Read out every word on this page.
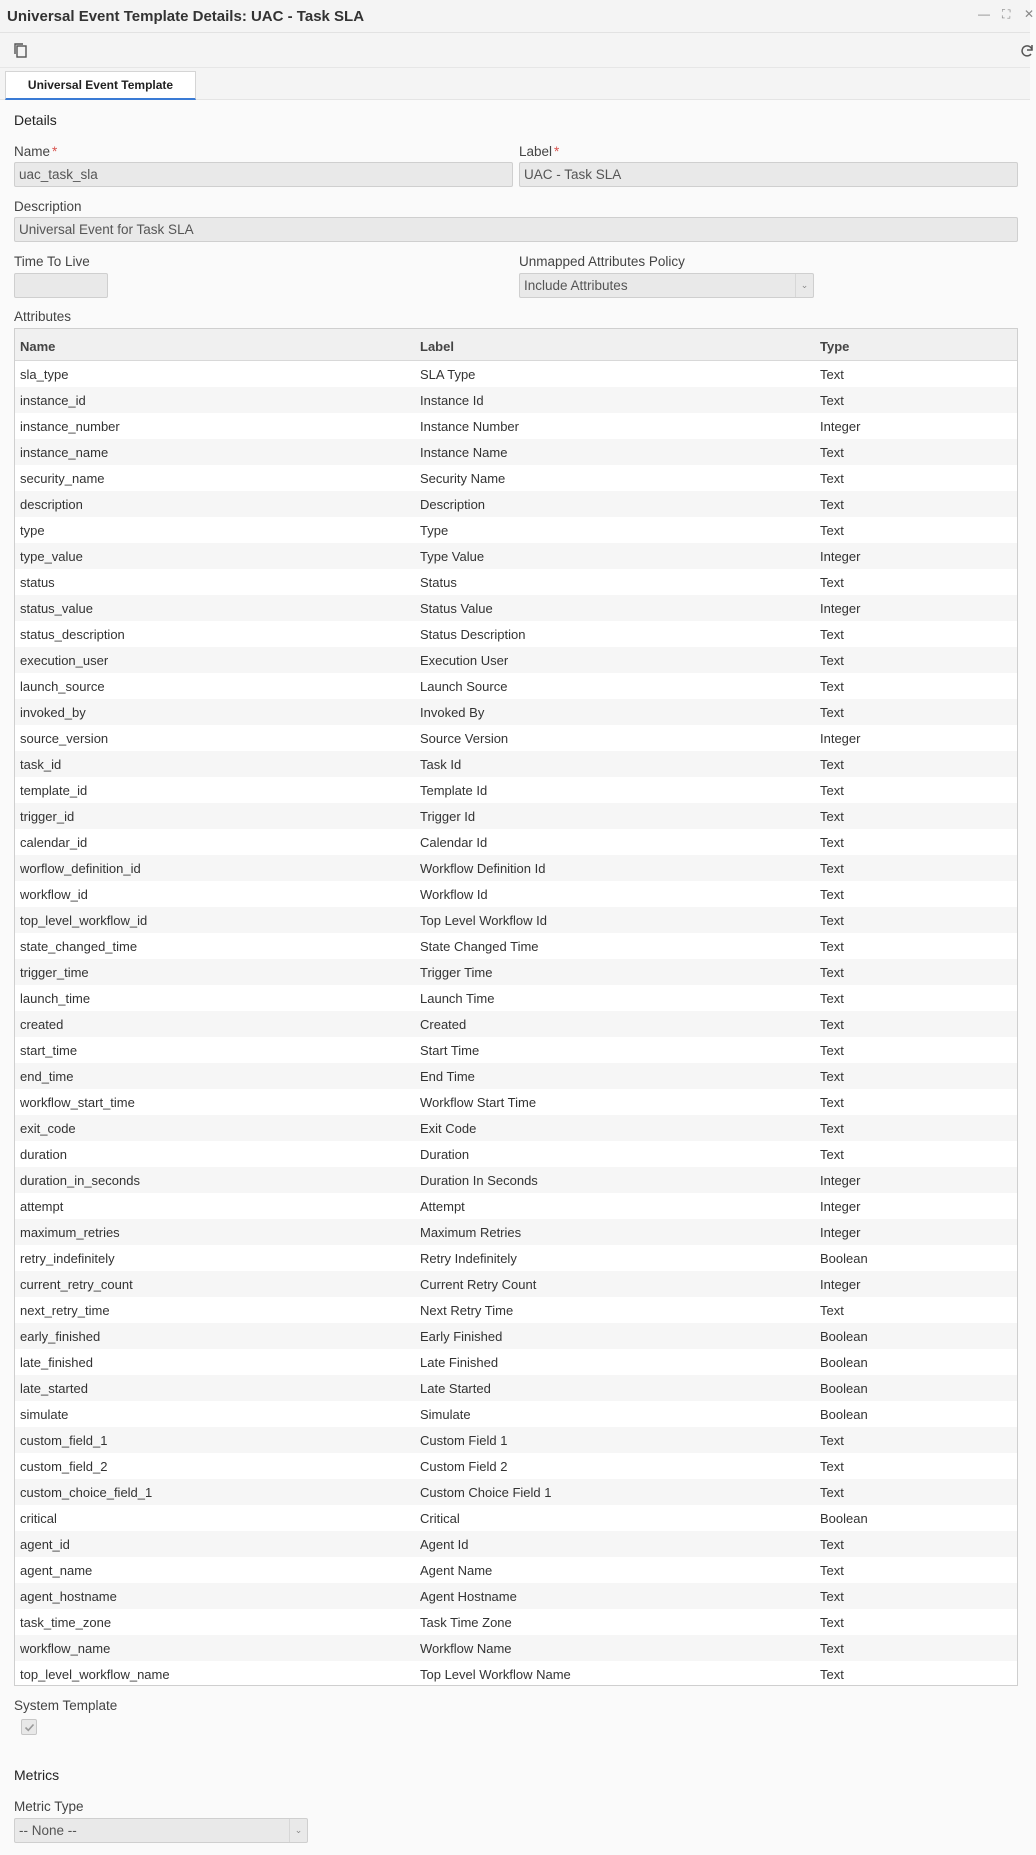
Universal Event Template Details: UAC - Task SLA	— ⛶ ✕
Universal Event Template
Details
Name *
uac_task_sla
Label *
UAC - Task SLA
Description
Universal Event for Task SLA
Time To Live	Unmapped Attributes Policy
Include Attributes	⌄
Attributes
Name	Label	Type
sla_type	SLA Type	Text
instance_id	Instance Id	Text
instance_number	Instance Number	Integer
instance_name	Instance Name	Text
security_name	Security Name	Text
description	Description	Text
type	Type	Text
type_value	Type Value	Integer
status	Status	Text
status_value	Status Value	Integer
status_description	Status Description	Text
execution_user	Execution User	Text
launch_source	Launch Source	Text
invoked_by	Invoked By	Text
source_version	Source Version	Integer
task_id	Task Id	Text
template_id	Template Id	Text
trigger_id	Trigger Id	Text
calendar_id	Calendar Id	Text
worflow_definition_id	Workflow Definition Id	Text
workflow_id	Workflow Id	Text
top_level_workflow_id	Top Level Workflow Id	Text
state_changed_time	State Changed Time	Text
trigger_time	Trigger Time	Text
launch_time	Launch Time	Text
created	Created	Text
start_time	Start Time	Text
end_time	End Time	Text
workflow_start_time	Workflow Start Time	Text
exit_code	Exit Code	Text
duration	Duration	Text
duration_in_seconds	Duration In Seconds	Integer
attempt	Attempt	Integer
maximum_retries	Maximum Retries	Integer
retry_indefinitely	Retry Indefinitely	Boolean
current_retry_count	Current Retry Count	Integer
next_retry_time	Next Retry Time	Text
early_finished	Early Finished	Boolean
late_finished	Late Finished	Boolean
late_started	Late Started	Boolean
simulate	Simulate	Boolean
custom_field_1	Custom Field 1	Text
custom_field_2	Custom Field 2	Text
custom_choice_field_1	Custom Choice Field 1	Text
critical	Critical	Boolean
agent_id	Agent Id	Text
agent_name	Agent Name	Text
agent_hostname	Agent Hostname	Text
task_time_zone	Task Time Zone	Text
workflow_name	Workflow Name	Text
top_level_workflow_name	Top Level Workflow Name	Text
System Template
Metrics
Metric Type
-- None --	⌄
